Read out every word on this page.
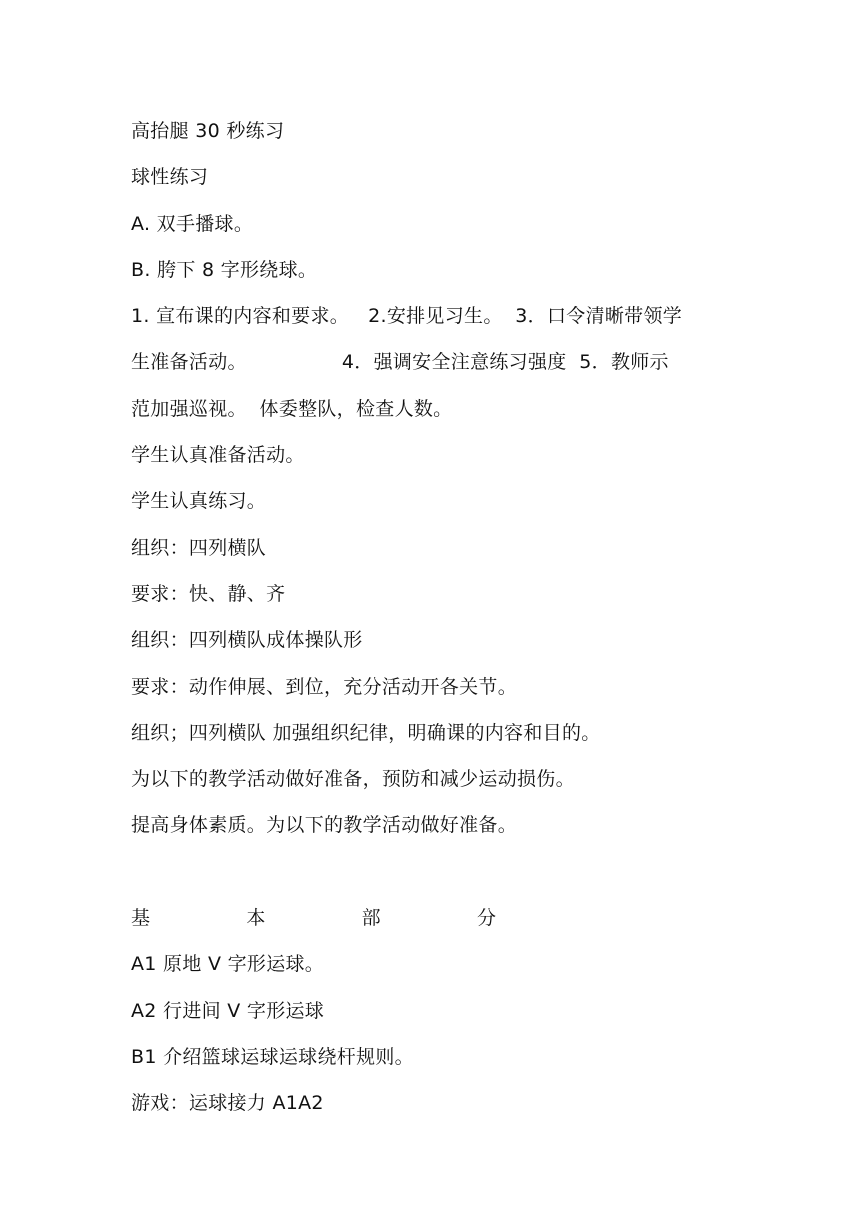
高抬腿 30 秒练习
球性练习
A. 双手播球。
B. 胯下 8 字形绕球。
1. 宣布课的内容和要求。   2.安排见习生。  3．口令清晰带领学
生准备活动。               4．强调安全注意练习强度  5．教师示
范加强巡视。  体委整队，检查人数。
学生认真准备活动。
学生认真练习。
组织：四列横队
要求：快、静、齐
组织：四列横队成体操队形
要求：动作伸展、到位，充分活动开各关节。
组织；四列横队 加强组织纪律，明确课的内容和目的。
为以下的教学活动做好准备，预防和减少运动损伤。
提高身体素质。为以下的教学活动做好准备。
基	本	部	分
A1 原地 V 字形运球。
A2 行进间 V 字形运球
B1 介绍篮球运球运球绕杆规则。
游戏：运球接力 A1A2
